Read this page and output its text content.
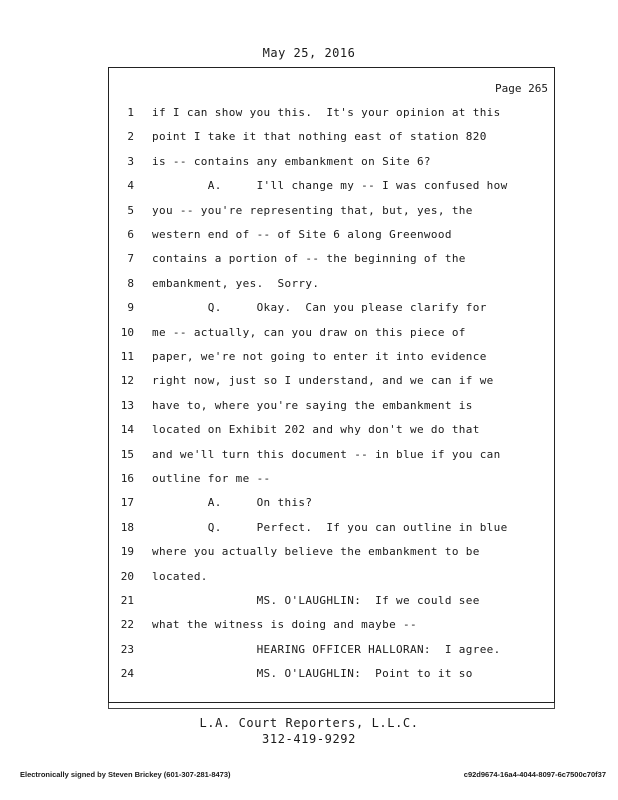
May 25, 2016
Page 265
1 if I can show you this.  It's your opinion at this
2 point I take it that nothing east of station 820
3 is -- contains any embankment on Site 6?
4 A.     I'll change my -- I was confused how
5 you -- you're representing that, but, yes, the
6 western end of -- of Site 6 along Greenwood
7 contains a portion of -- the beginning of the
8 embankment, yes.  Sorry.
9 Q.     Okay.  Can you please clarify for
10 me -- actually, can you draw on this piece of
11 paper, we're not going to enter it into evidence
12 right now, just so I understand, and we can if we
13 have to, where you're saying the embankment is
14 located on Exhibit 202 and why don't we do that
15 and we'll turn this document -- in blue if you can
16 outline for me --
17 A.     On this?
18 Q.     Perfect.  If you can outline in blue
19 where you actually believe the embankment to be
20 located.
21 MS. O'LAUGHLIN:  If we could see
22 what the witness is doing and maybe --
23 HEARING OFFICER HALLORAN:  I agree.
24 MS. O'LAUGHLIN:  Point to it so
L.A. Court Reporters, L.L.C.
312-419-9292
Electronically signed by Steven Brickey (601-307-281-8473)	c92d9674-16a4-4044-8097-6c7500c70f37
